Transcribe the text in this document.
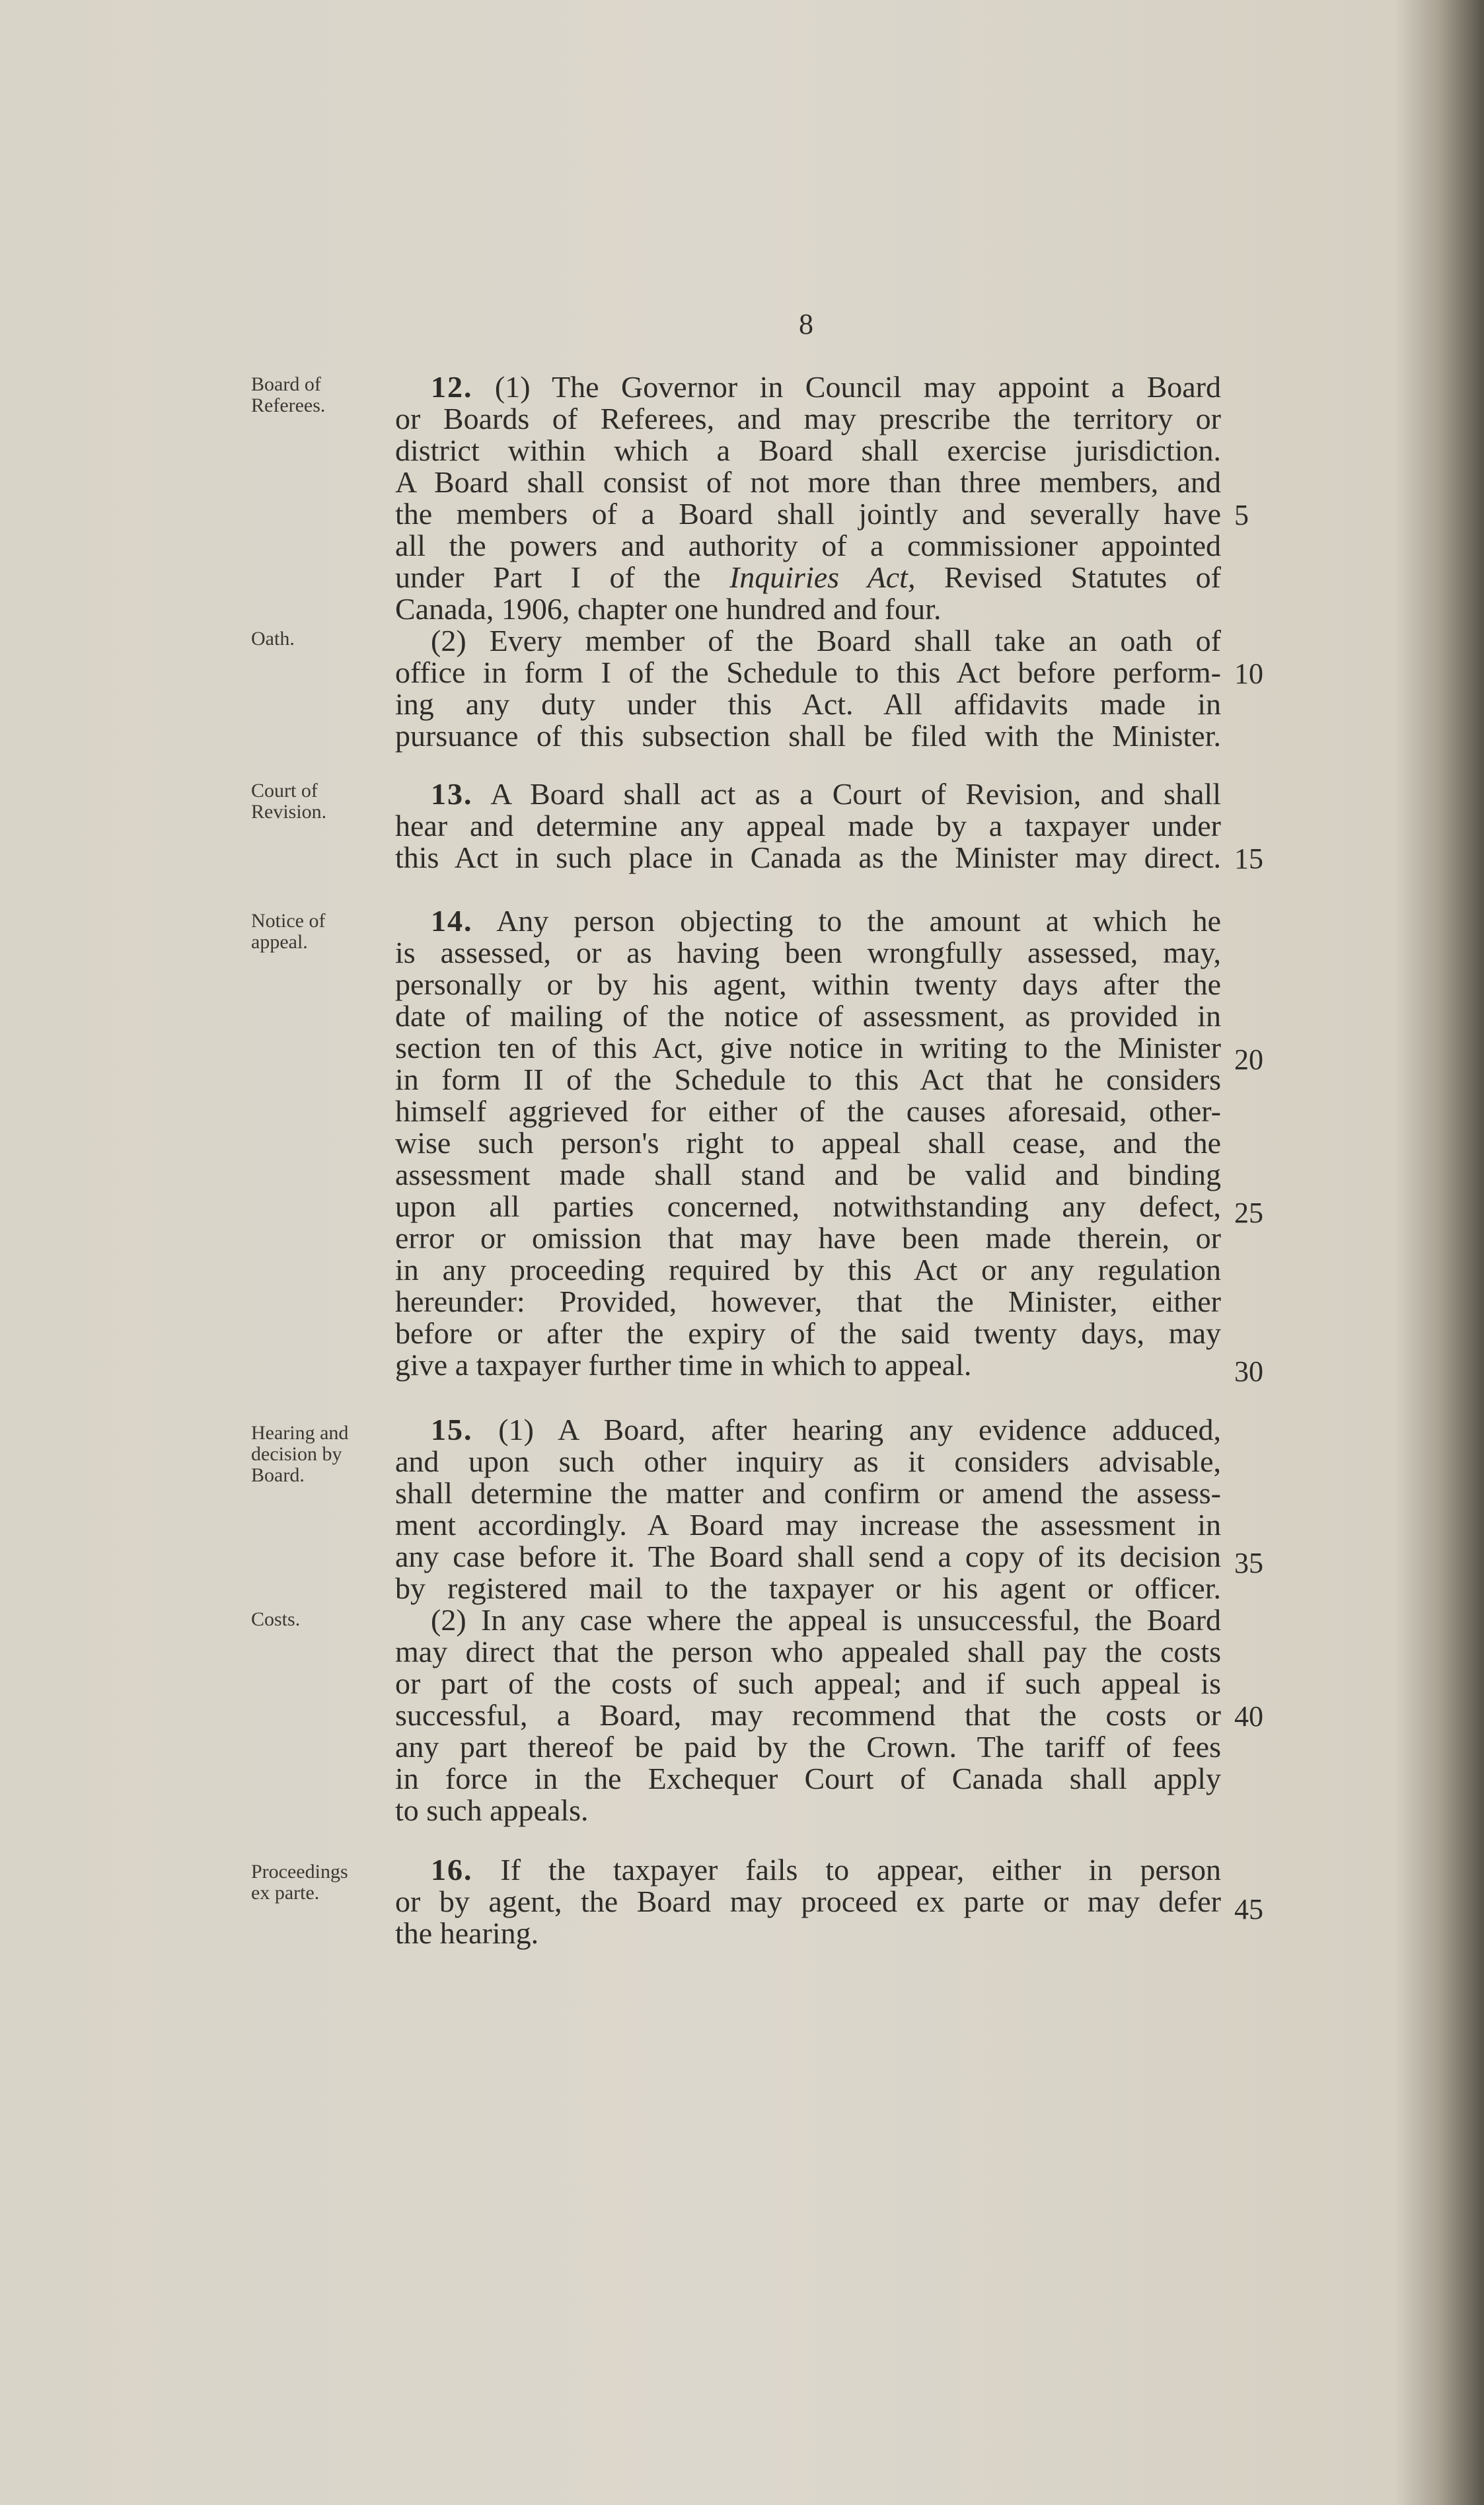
8
Board of
Referees.
Oath.
Court of
Revision.
Notice of
appeal.
Hearing and
decision by
Board.
Costs.
Proceedings
ex parte.
12. (1) The Governor in Council may appoint a Board
or Boards of Referees, and may prescribe the territory or
district within which a Board shall exercise jurisdiction.
A Board shall consist of not more than three members, and
the members of a Board shall jointly and severally have
all the powers and authority of a commissioner appointed
under Part I of the Inquiries Act, Revised Statutes of
Canada, 1906, chapter one hundred and four.
(2) Every member of the Board shall take an oath of
office in form I of the Schedule to this Act before perform-
ing any duty under this Act. All affidavits made in
pursuance of this subsection shall be filed with the Minister.
13. A Board shall act as a Court of Revision, and shall
hear and determine any appeal made by a taxpayer under
this Act in such place in Canada as the Minister may direct.
14. Any person objecting to the amount at which he
is assessed, or as having been wrongfully assessed, may,
personally or by his agent, within twenty days after the
date of mailing of the notice of assessment, as provided in
section ten of this Act, give notice in writing to the Minister
in form II of the Schedule to this Act that he considers
himself aggrieved for either of the causes aforesaid, other-
wise such person's right to appeal shall cease, and the
assessment made shall stand and be valid and binding
upon all parties concerned, notwithstanding any defect,
error or omission that may have been made therein, or
in any proceeding required by this Act or any regulation
hereunder: Provided, however, that the Minister, either
before or after the expiry of the said twenty days, may
give a taxpayer further time in which to appeal.
15. (1) A Board, after hearing any evidence adduced,
and upon such other inquiry as it considers advisable,
shall determine the matter and confirm or amend the assess-
ment accordingly. A Board may increase the assessment in
any case before it. The Board shall send a copy of its decision
by registered mail to the taxpayer or his agent or officer.
(2) In any case where the appeal is unsuccessful, the Board
may direct that the person who appealed shall pay the costs
or part of the costs of such appeal; and if such appeal is
successful, a Board, may recommend that the costs or
any part thereof be paid by the Crown. The tariff of fees
in force in the Exchequer Court of Canada shall apply
to such appeals.
16. If the taxpayer fails to appear, either in person
or by agent, the Board may proceed ex parte or may defer
the hearing.
5
10
15
20
25
30
35
40
45
